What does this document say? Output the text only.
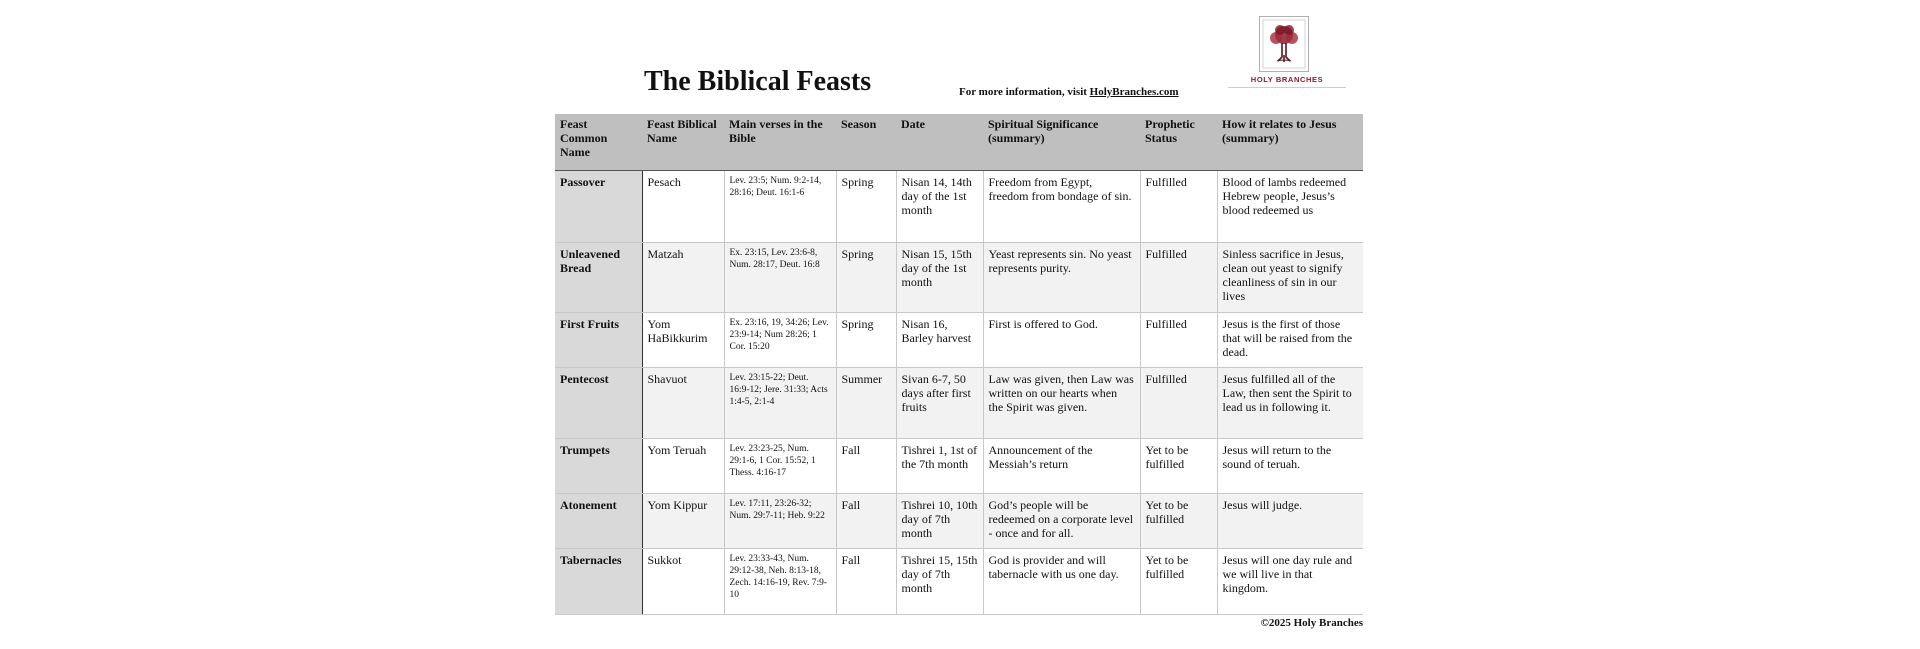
The Biblical Feasts	For more information, visit HolyBranches.com
HOLY BRANCHES
Feast Common Name	Feast Biblical Name	Main verses in the Bible	Season	Date	Spiritual Significance (summary)	Prophetic Status	How it relates to Jesus (summary)
Passover	Pesach	Lev. 23:5; Num. 9:2-14, 28:16; Deut. 16:1-6	Spring	Nisan 14, 14th day of the 1st month	Freedom from Egypt, freedom from bondage of sin.	Fulfilled	Blood of lambs redeemed Hebrew people, Jesus’s blood redeemed us
Unleavened Bread	Matzah	Ex. 23:15, Lev. 23:6-8, Num. 28:17, Deut. 16:8	Spring	Nisan 15, 15th day of the 1st month	Yeast represents sin. No yeast represents purity.	Fulfilled	Sinless sacrifice in Jesus, clean out yeast to signify cleanliness of sin in our lives
First Fruits	Yom HaBikkurim	Ex. 23:16, 19, 34:26; Lev. 23:9-14; Num 28:26; 1 Cor. 15:20	Spring	Nisan 16, Barley harvest	First is offered to God.	Fulfilled	Jesus is the first of those that will be raised from the dead.
Pentecost	Shavuot	Lev. 23:15-22; Deut. 16:9-12; Jere. 31:33; Acts 1:4-5, 2:1-4	Summer	Sivan 6-7, 50 days after first fruits	Law was given, then Law was written on our hearts when the Spirit was given.	Fulfilled	Jesus fulfilled all of the Law, then sent the Spirit to lead us in following it.
Trumpets	Yom Teruah	Lev. 23:23-25, Num. 29:1-6, 1 Cor. 15:52, 1 Thess. 4:16-17	Fall	Tishrei 1, 1st of the 7th month	Announcement of the Messiah’s return	Yet to be fulfilled	Jesus will return to the sound of teruah.
Atonement	Yom Kippur	Lev. 17:11, 23:26-32; Num. 29:7-11; Heb. 9:22	Fall	Tishrei 10, 10th day of 7th month	God’s people will be redeemed on a corporate level - once and for all.	Yet to be fulfilled	Jesus will judge.
Tabernacles	Sukkot	Lev. 23:33-43, Num. 29:12-38, Neh. 8:13-18, Zech. 14:16-19, Rev. 7:9-10	Fall	Tishrei 15, 15th day of 7th month	God is provider and will tabernacle with us one day.	Yet to be fulfilled	Jesus will one day rule and we will live in that kingdom.
©2025 Holy Branches
